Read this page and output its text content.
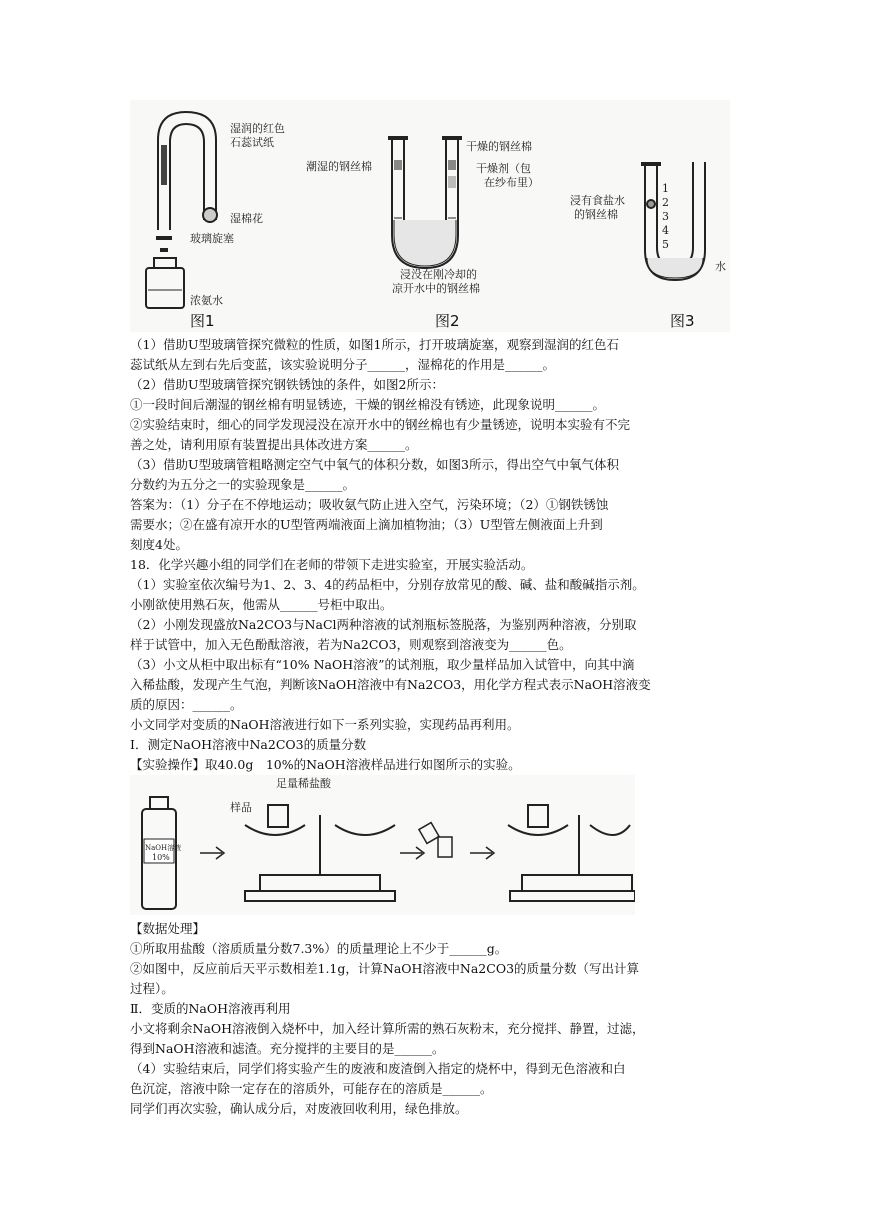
湿润的红色
石蕊试纸
湿棉花
玻璃旋塞
浓氨水
干燥的钢丝棉
潮湿的钢丝棉	干燥剂（包
在纱布里）
浸没在刚冷却的
凉开水中的钢丝棉
1
2
3
4
5
浸有食盐水
的钢丝棉
水
图1	图2	图3
（1）借助U型玻璃管探究微粒的性质，如图1所示，打开玻璃旋塞，观察到湿润的红色石
蕊试纸从左到右先后变蓝，该实验说明分子______，湿棉花的作用是______。
（2）借助U型玻璃管探究钢铁锈蚀的条件，如图2所示：
①一段时间后潮湿的钢丝棉有明显锈迹，干燥的钢丝棉没有锈迹，此现象说明______。
②实验结束时，细心的同学发现浸没在凉开水中的钢丝棉也有少量锈迹，说明本实验有不完
善之处，请利用原有装置提出具体改进方案______。
（3）借助U型玻璃管粗略测定空气中氧气的体积分数，如图3所示，得出空气中氧气体积
分数约为五分之一的实验现象是______。
答案为：（1）分子在不停地运动；吸收氨气防止进入空气，污染环境；（2）①钢铁锈蚀
需要水；②在盛有凉开水的U型管两端液面上滴加植物油；（3）U型管左侧液面上升到
刻度4处。
18．化学兴趣小组的同学们在老师的带领下走进实验室，开展实验活动。
（1）实验室依次编号为1、2、3、4的药品柜中，分别存放常见的酸、碱、盐和酸碱指示剂。
小刚欲使用熟石灰，他需从______号柜中取出。
（2）小刚发现盛放Na2CO3与NaCl两种溶液的试剂瓶标签脱落，为鉴别两种溶液，分别取
样于试管中，加入无色酚酞溶液，若为Na2CO3，则观察到溶液变为______色。
（3）小文从柜中取出标有“10% NaOH溶液”的试剂瓶，取少量样品加入试管中，向其中滴
入稀盐酸，发现产生气泡，判断该NaOH溶液中有Na2CO3，用化学方程式表示NaOH溶液变
质的原因：______。
小文同学对变质的NaOH溶液进行如下一系列实验，实现药品再利用。
Ⅰ．测定NaOH溶液中Na2CO3的质量分数
【实验操作】取40.0g　10%的NaOH溶液样品进行如图所示的实验。
NaOH溶液
10%
足量稀盐酸
样品
【数据处理】
①所取用盐酸（溶质质量分数7.3%）的质量理论上不少于______g。
②如图中，反应前后天平示数相差1.1g，计算NaOH溶液中Na2CO3的质量分数（写出计算
过程）。
Ⅱ．变质的NaOH溶液再利用
小文将剩余NaOH溶液倒入烧杯中，加入经计算所需的熟石灰粉末，充分搅拌、静置，过滤，
得到NaOH溶液和滤渣。充分搅拌的主要目的是______。
（4）实验结束后，同学们将实验产生的废液和废渣倒入指定的烧杯中，得到无色溶液和白
色沉淀，溶液中除一定存在的溶质外，可能存在的溶质是______。
同学们再次实验，确认成分后，对废液回收利用，绿色排放。
